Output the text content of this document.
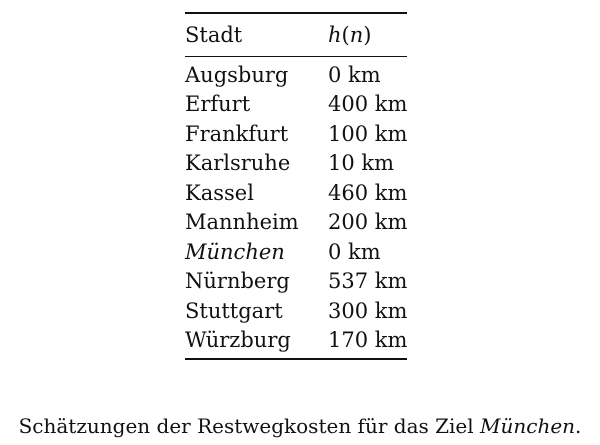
Stadt	h(n)
Augsburg	0 km
Erfurt	400 km
Frankfurt	100 km
Karlsruhe	10 km
Kassel	460 km
Mannheim	200 km
München	0 km
Nürnberg	537 km
Stuttgart	300 km
Würzburg	170 km
Schätzungen der Restwegkosten für das Ziel München.
